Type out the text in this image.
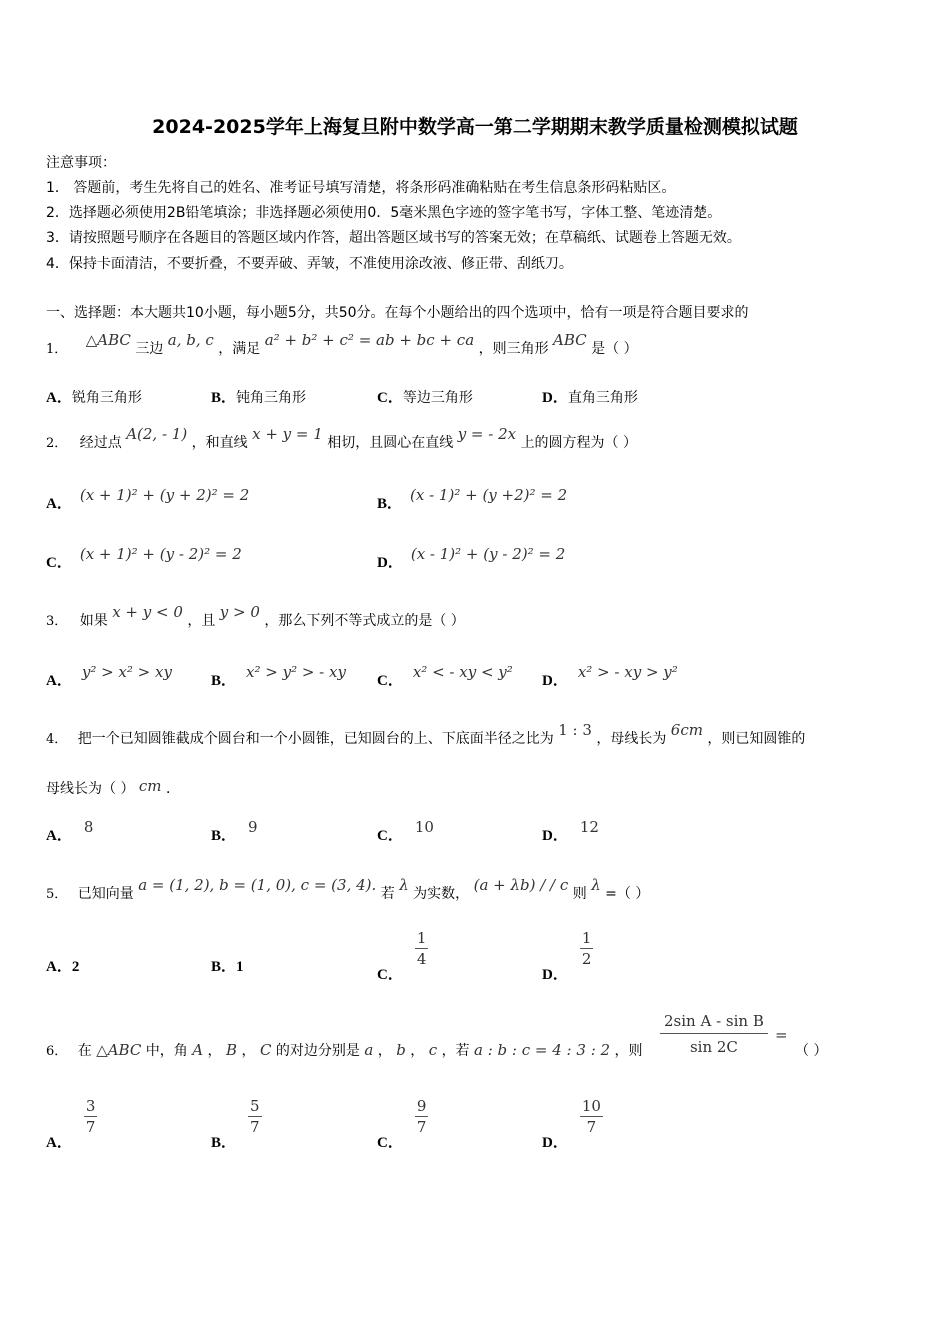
2024-2025学年上海复旦附中数学高一第二学期期末教学质量检测模拟试题
注意事项：
1． 答题前，考生先将自己的姓名、准考证号填写清楚，将条形码准确粘贴在考生信息条形码粘贴区。
2．选择题必须使用2B铅笔填涂；非选择题必须使用0．5毫米黑色字迹的签字笔书写，字体工整、笔迹清楚。
3．请按照题号顺序在各题目的答题区域内作答，超出答题区域书写的答案无效；在草稿纸、试题卷上答题无效。
4．保持卡面清洁，不要折叠，不要弄破、弄皱，不准使用涂改液、修正带、刮纸刀。
一、选择题：本大题共10小题，每小题5分，共50分。在每个小题给出的四个选项中，恰有一项是符合题目要求的
1． △ABC 三边 a, b, c ，满足 a² + b² + c² = ab + bc + ca ，则三角形 ABC 是（ ）
A．锐角三角形	B．钝角三角形	C．等边三角形	D．直角三角形
2． 经过点 A(2, - 1) ，和直线 x + y = 1 相切，且圆心在直线 y = - 2x 上的圆方程为（ ）
A． (x + 1)² + (y + 2)² = 2	B． (x - 1)² + (y +2)² = 2
C． (x + 1)² + (y - 2)² = 2	D． (x - 1)² + (y - 2)² = 2
3． 如果 x + y < 0 ，且 y > 0 ，那么下列不等式成立的是（ ）
A． y² > x² > xy	B． x² > y² > - xy C． x² < - xy < y² D． x² > - xy > y²
4． 把一个已知圆锥截成个圆台和一个小圆锥，已知圆台的上、下底面半径之比为 1 : 3 ，母线长为 6cm ，则已知圆锥的
母线长为（ ） cm ．
A． 8	B． 9	C． 10	D． 12
5． 已知向量 a = (1, 2), b = (1, 0), c = (3, 4). 若 λ 为实数， (a + λb) / / c 则 λ =（ ）
A．2	B．1	C．
$\frac{1}{4}$
D．
$\frac{1}{2}$
6． 在 △ABC 中，角 A ， B ， C 的对边分别是 a ， b ， c ，若 a : b : c = 4 : 3 : 2 ，则 $\frac{\text{2sin A - sin B}}{\sin 2C}$ =
（ ）
A．
$\frac{3}{7}$
B．
$\frac{5}{7}$
C．
$\frac{9}{7}$
D．
$\frac{10}{7}$
